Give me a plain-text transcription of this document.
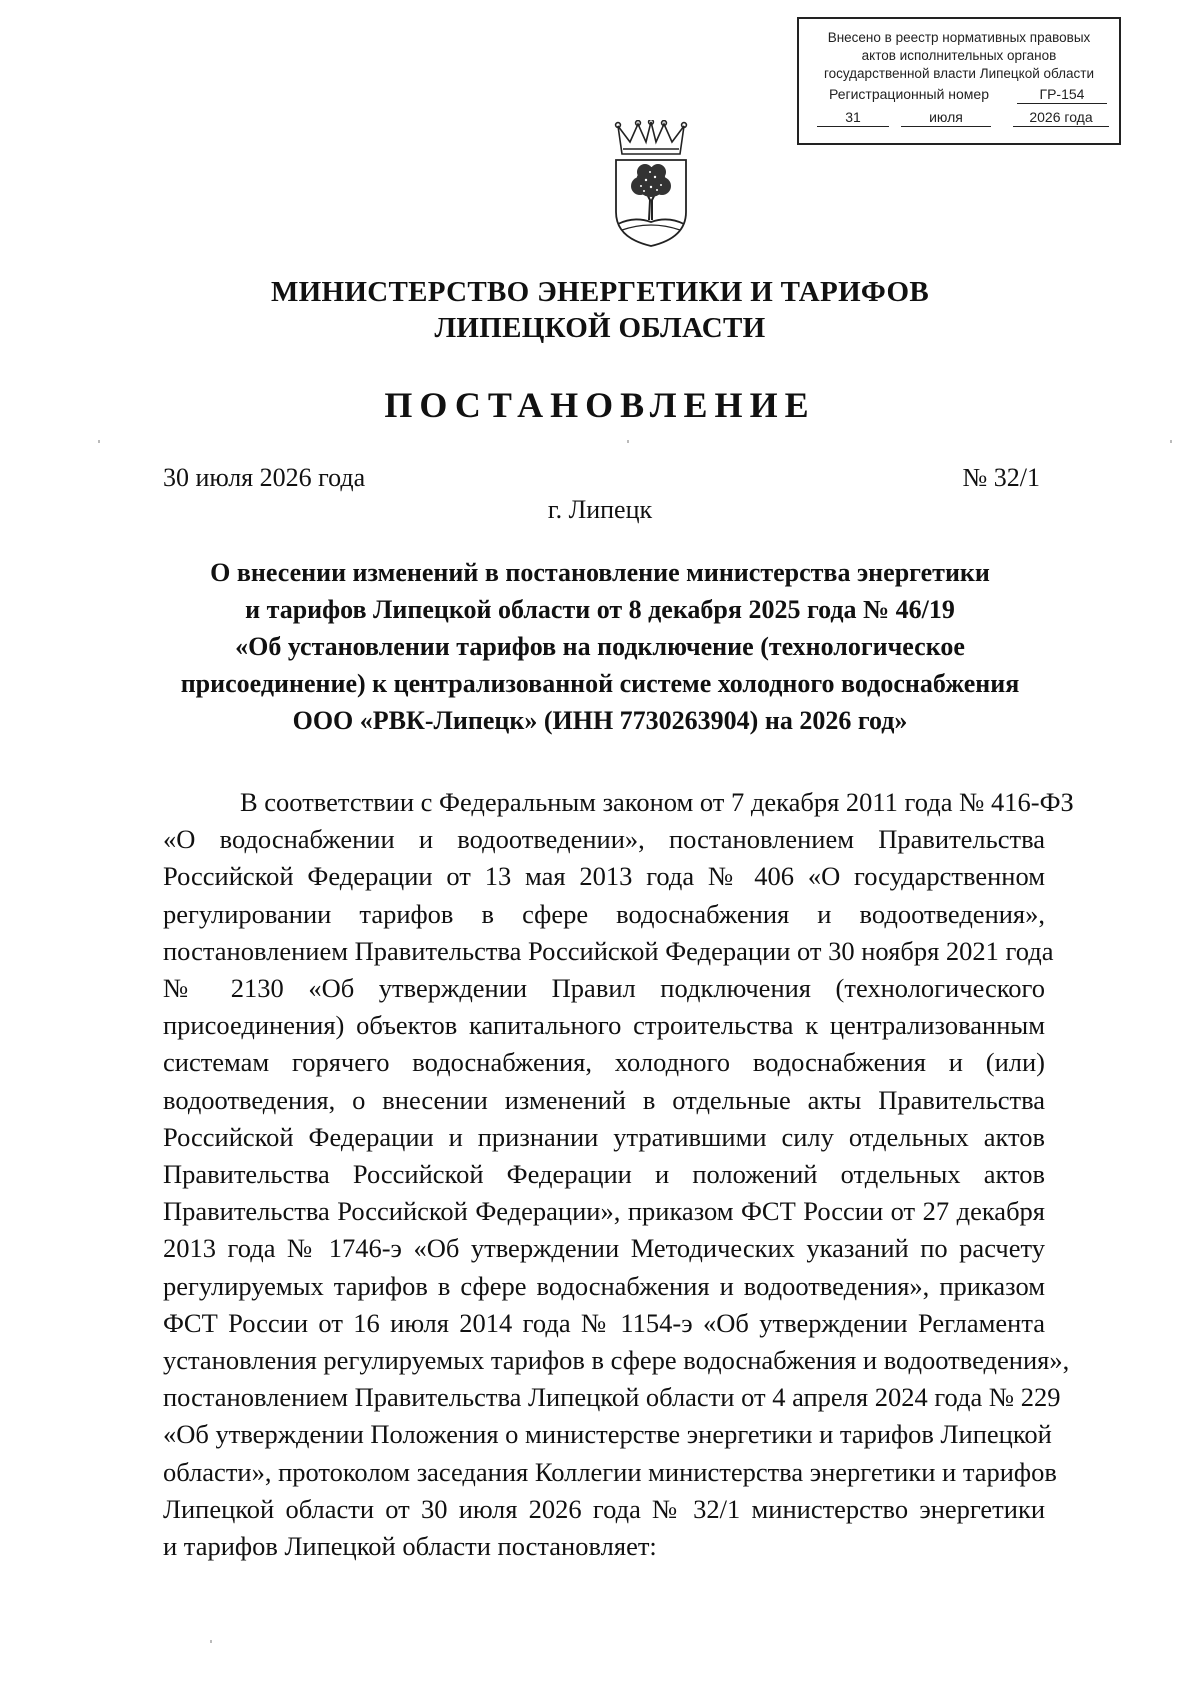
Внесено в реестр нормативных правовых
актов исполнительных органов
государственной власти Липецкой области
Регистрационный номер	ГР-154
31	июля	2026 года
МИНИСТЕРСТВО ЭНЕРГЕТИКИ И ТАРИФОВ
ЛИПЕЦКОЙ ОБЛАСТИ
ПОСТАНОВЛЕНИЕ
30 июля 2026 года	№ 32/1
г. Липецк
О внесении изменений в постановление министерства энергетики
и тарифов Липецкой области от 8 декабря 2025 года № 46/19
«Об установлении тарифов на подключение (технологическое
присоединение) к централизованной системе холодного водоснабжения
ООО «РВК-Липецк» (ИНН 7730263904) на 2026 год»
В соответствии с Федеральным законом от 7 декабря 2011 года № 416-ФЗ
«О водоснабжении и водоотведении», постановлением Правительства
Российской Федерации от 13 мая 2013 года № 406 «О государственном
регулировании тарифов в сфере водоснабжения и водоотведения»,
постановлением Правительства Российской Федерации от 30 ноября 2021 года
№ 2130 «Об утверждении Правил подключения (технологического
присоединения) объектов капитального строительства к централизованным
системам горячего водоснабжения, холодного водоснабжения и (или)
водоотведения, о внесении изменений в отдельные акты Правительства
Российской Федерации и признании утратившими силу отдельных актов
Правительства Российской Федерации и положений отдельных актов
Правительства Российской Федерации», приказом ФСТ России от 27 декабря
2013 года № 1746-э «Об утверждении Методических указаний по расчету
регулируемых тарифов в сфере водоснабжения и водоотведения», приказом
ФСТ России от 16 июля 2014 года № 1154-э «Об утверждении Регламента
установления регулируемых тарифов в сфере водоснабжения и водоотведения»,
постановлением Правительства Липецкой области от 4 апреля 2024 года № 229
«Об утверждении Положения о министерстве энергетики и тарифов Липецкой
области», протоколом заседания Коллегии министерства энергетики и тарифов
Липецкой области от 30 июля 2026 года № 32/1 министерство энергетики
и тарифов Липецкой области постановляет:
